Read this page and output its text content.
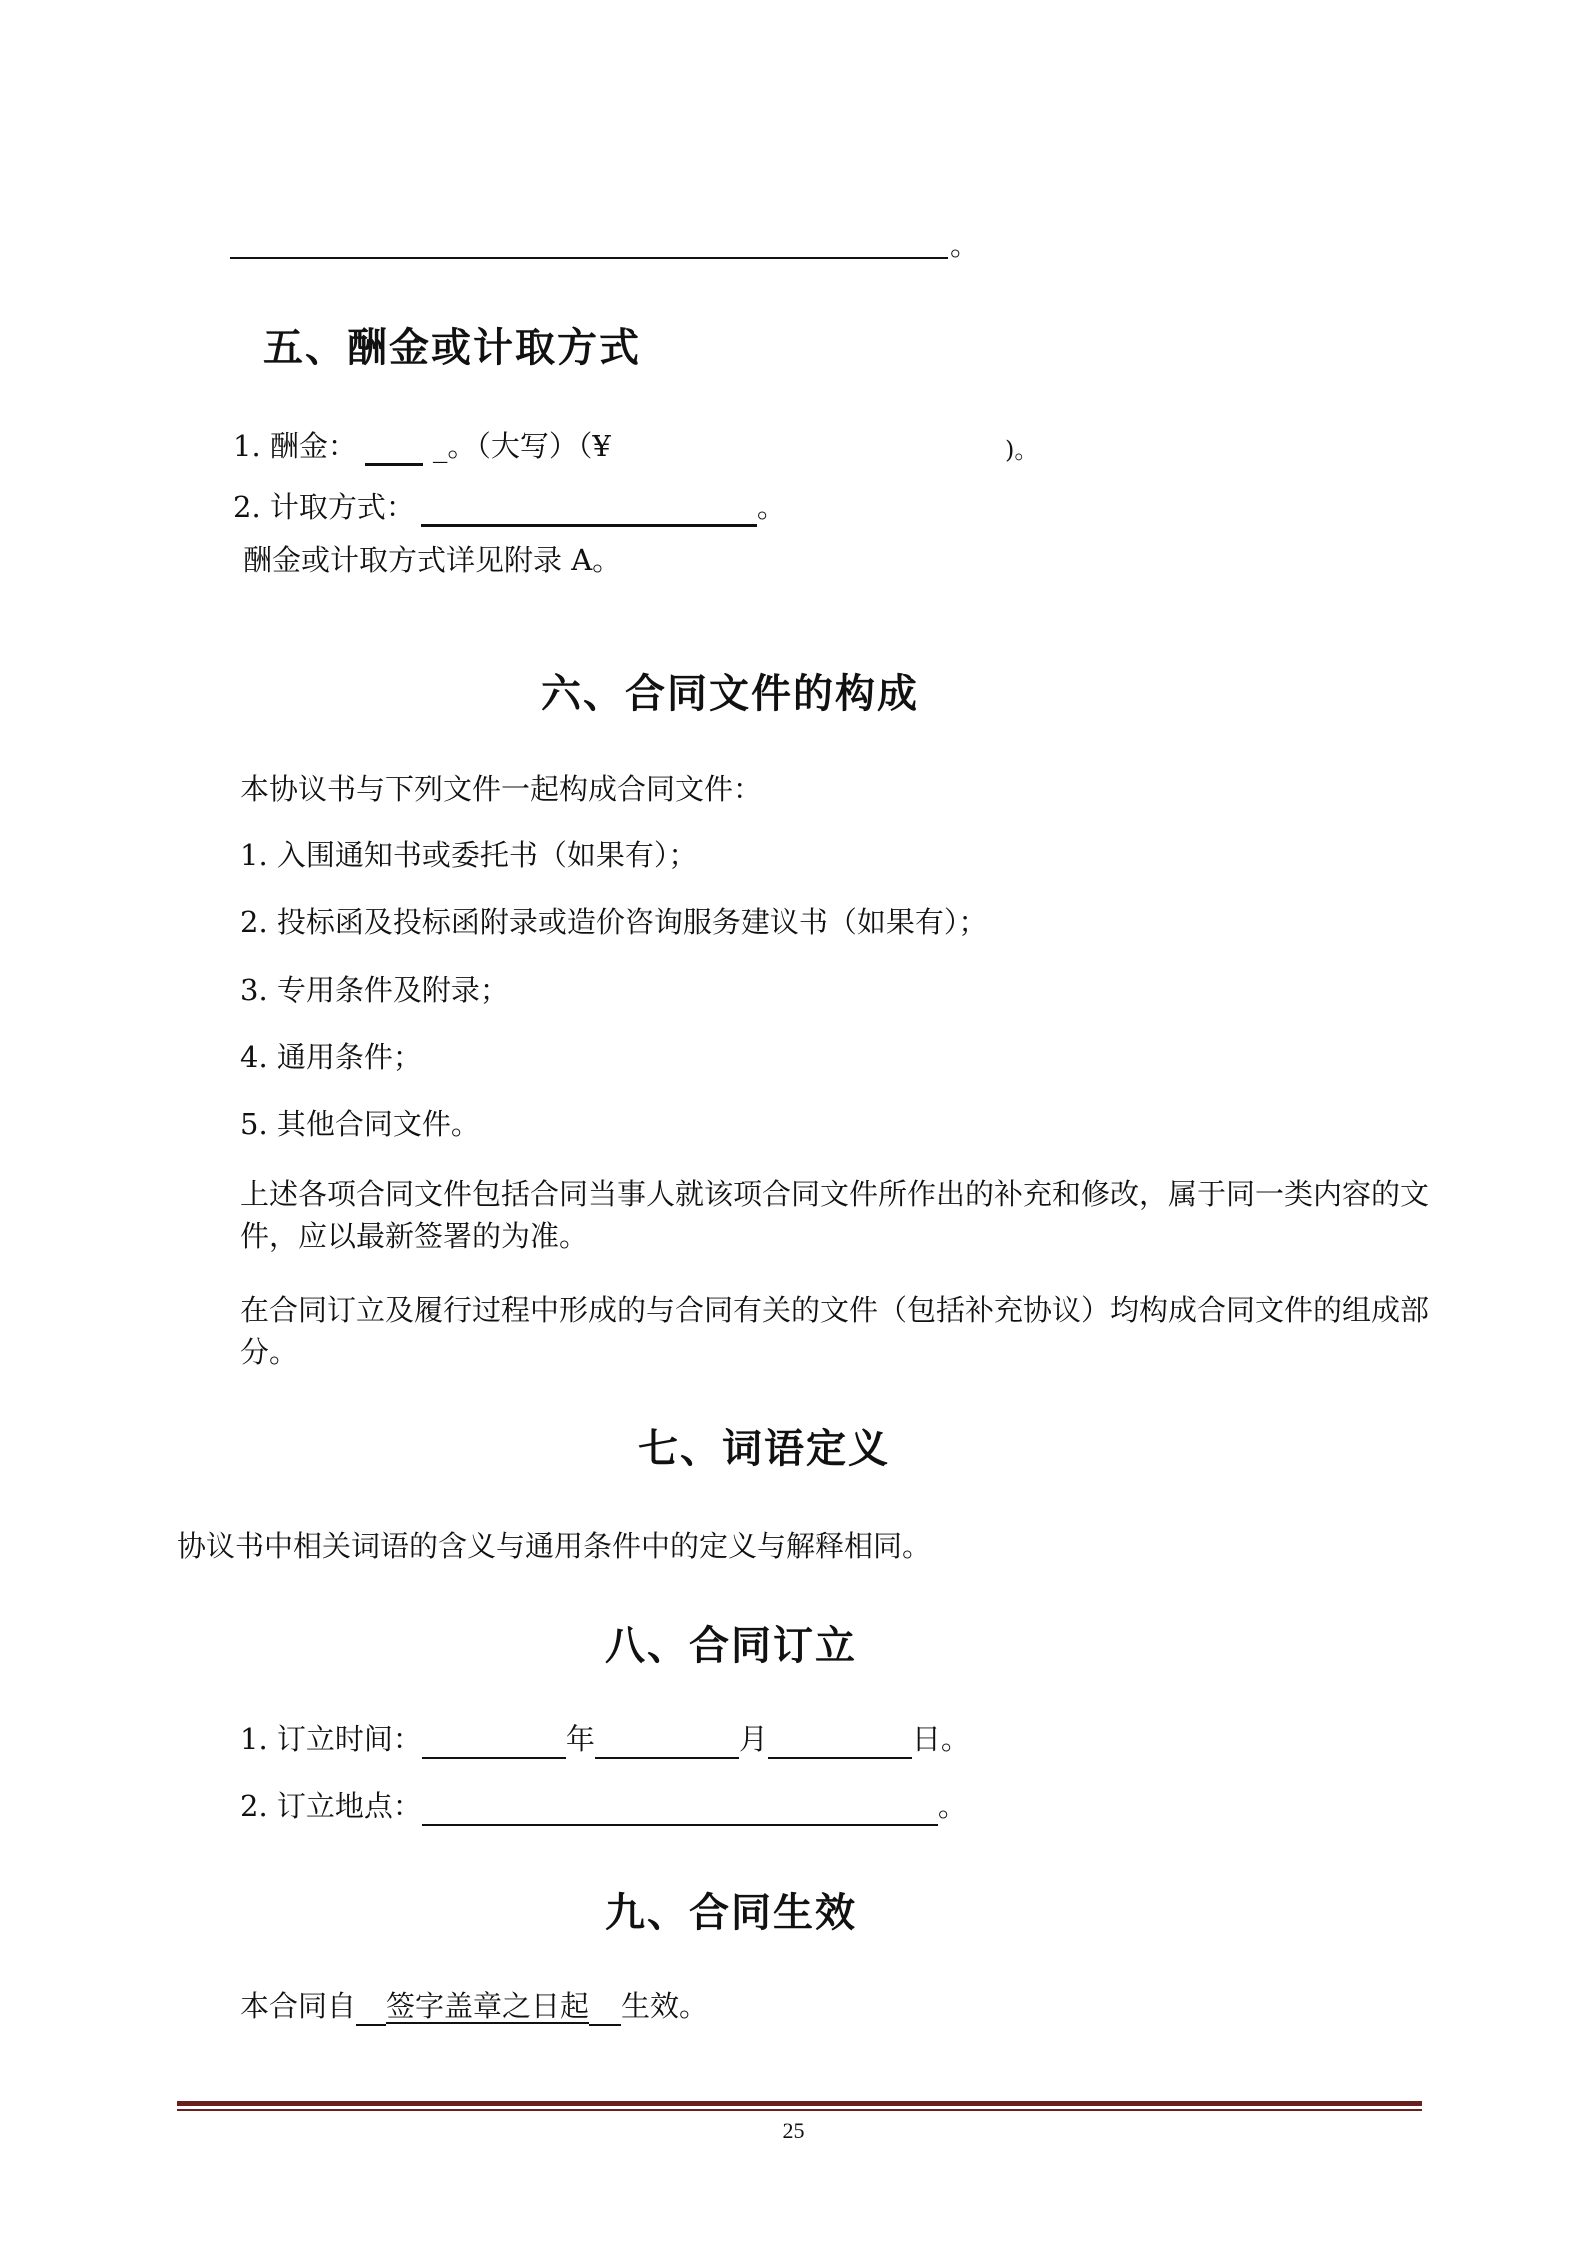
。
五、酬金或计取方式
1. 酬金：	_。（大写）（¥	)。
2. 计取方式：	。
酬金或计取方式详见附录 A。
六、合同文件的构成
本协议书与下列文件一起构成合同文件：
1. 入围通知书或委托书（如果有）；
2. 投标函及投标函附录或造价咨询服务建议书（如果有）；
3. 专用条件及附录；
4. 通用条件；
5. 其他合同文件。
上述各项合同文件包括合同当事人就该项合同文件所作出的补充和修改，属于同一类内容的文件，应以最新签署的为准。
在合同订立及履行过程中形成的与合同有关的文件（包括补充协议）均构成合同文件的组成部分。
七、词语定义
协议书中相关词语的含义与通用条件中的定义与解释相同。
八、合同订立
1. 订立时间：	年	月	日。
2. 订立地点：	。
九、合同生效
本合同自 签字盖章之日起 生效。
25
